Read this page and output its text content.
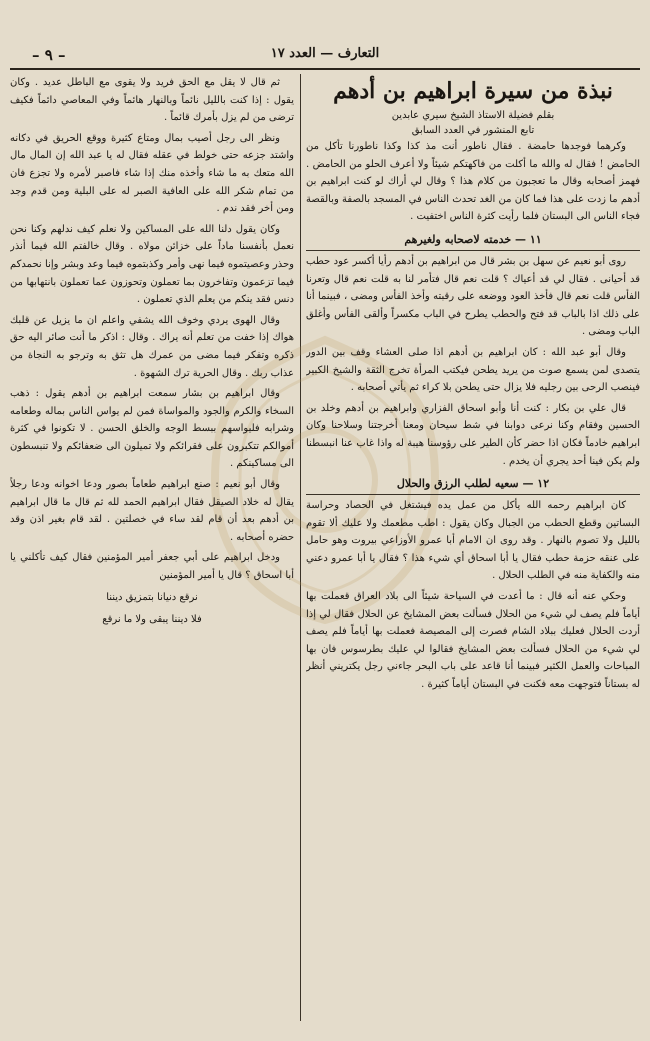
– ٩ –	التعارف — العدد ١٧
نبذة من سيرة ابراهيم بن أدهم
بقلم فضيلة الاستاذ الشيخ سيري عابدين
تابع المنشور في العدد السابق

وكرهما فوجدها حامضة . فقال ناطور أنت مذ كذا وكذا ناطورنا تأكل من الحامض ! فقال له والله ما أكلت من فاكهتكم شيئاً ولا أعرف الحلو من الحامض . فهمز أصحابه وقال ما تعجبون من كلام هذا ؟ وقال لي أراك لو كنت ابراهيم بن أدهم ما زدت على هذا فما كان من الغد تحدث الناس في المسجد بالصفة وبالقصة فجاء الناس الى البستان فلما رأيت كثرة الناس اختفيت .

١١ — خدمته لاصحابه ولغيرهم

روى أبو نعيم عن سهل بن بشر قال من ابراهيم بن أدهم رأيا أكسر عود حطب قد أحيانى . فقال لي قد أعياك ؟ قلت نعم قال فتأمر لنا به قلت نعم قال وتعرنا الفأس قلت نعم قال فأخذ العود ووضعه على رقبته وأخذ الفأس ومضى ، فبينما أنا على ذلك اذا بالباب قد فتح والحطب يطرح في الباب مكسراً وألقى الفأس وأغلق الباب ومضى .

وقال أبو عبد الله : كان ابراهيم بن أدهم اذا صلى العشاء وقف بين الدور يتصدى لمن يسمع صوت من يريد يطحن فيكتب المرأة تخرج الثقة والشيخ الكبير فينصب الرحى بين رجليه فلا يزال حتى يطحن بلا كراء ثم يأتي أصحابه .

قال علي بن بكار : كنت أنا وأبو اسحاق الفزاري وابراهيم بن أدهم وخلد بن الحسين وفقام وكنا نرعى دوابنا في شط سيحان ومعنا أخرجتنا وسلاحنا وكان ابراهيم خادماً فكان اذا حضر كأن الطير على رؤوسنا هيبة له واذا غاب عنا انبسطنا ولم يكن فينا أحد يجري أن يخدم .

١٢ — سعيه لطلب الرزق والحلال

كان ابراهيم رحمه الله يأكل من عمل يده فيشتغل في الحصاد وحراسة البساتين وقطع الحطب من الجبال وكان يقول : اطب مطعمك ولا عليك ألا تقوم بالليل ولا تصوم بالنهار . وقد روى ان الامام أبا عمرو الأوزاعي بيروت وهو حامل على عنقه حزمة حطب فقال يا أبا اسحاق أي شيء هذا ؟ فقال يا أبا عمرو دعني منه والكفاية منه في الطلب الحلال .

وحكي عنه أنه قال : ما أعدت في السياحة شيئاً الى بلاد العراق قعملت بها أياماً فلم يصف لي شيء من الحلال فسألت بعض المشايخ عن الحلال فقال لي إذا أردت الحلال فعليك ببلاد الشام فصرت إلى المصيصة فعملت بها أياماً فلم يصف لي شيء من الحلال فسألت بعض المشايخ فقالوا لي عليك بطرسوس فان بها المباحات والعمل الكثير فبينما أنا قاعد على باب البحر جاءني رجل يكتريني أنظر له بستاناً فتوجهت معه فكنت في البستان أياماً كثيرة .

ثم قال لا يقل مع الحق فريد ولا يقوى مع الباطل عديد . وكان يقول : إذا كنت بالليل نائماً وبالنهار هائماً وفي المعاصي دائماً فكيف ترضى من لم يزل بأمرك قائماً .

ونظر الى رجل أصيب بمال ومتاع كثيرة ووقع الحريق في دكانه واشتد جزعه حتى خولط في عقله فقال له يا عبد الله إن المال مال الله متعك به ما شاء وأخذه منك إذا شاء فاصبر لأمره ولا تجزع فان من تمام شكر الله على العافية الصبر له على البلية ومن قدم وجد ومن أخر فقد ندم .

وكان يقول دلنا الله على المساكين ولا نعلم كيف ندلهم وكنا نحن نعمل بأنفسنا ماداً على خزائن مولاه . وقال خالفتم الله فيما أنذر وحذر وعصيتموه فيما نهى وأمر وكذبتموه فيما وعد وبشر وإنا نحمدكم فيما تزعمون وتفاخرون بما تعملون وتحوزون عما تعملون بانتهابها من دنس فقد ينكم من يعلم الذي تعملون .

وقال الهوى يردي وخوف الله يشفي واعلم ان ما يزيل عن قلبك هواك إذا خفت من تعلم أنه يراك . وقال : اذكر ما أنت صائر اليه حق ذكره وتفكر فيما مضى من عمرك هل تثق به وترجو به النجاة من عذاب ربك . وقال الحرية ترك الشهوة .

وقال ابراهيم بن بشار سمعت ابراهيم بن أدهم يقول : ذهب السخاء والكرم والجود والمواساة فمن لم يواس الناس بماله وطعامه وشرابه فليواسهم ببسط الوجه والخلق الحسن . لا تكونوا في كثرة أموالكم تتكبرون على فقرائكم ولا تميلون الى ضعفائكم ولا تنبسطون الى مساكينكم .

وقال أبو نعيم : صنع ابراهيم طعاماً بصور ودعا اخوانه ودعا رجلاً يقال له خلاد الصيقل فقال ابراهيم الحمد لله ثم قال ما قال ابراهيم بن أدهم بعد أن قام لقد ساء في خصلتين . لقد قام بغير اذن وقد حضره أصحابه .

ودخل ابراهيم على أبي جعفر أمير المؤمنين فقال كيف تأكلني يا أبا اسحاق ؟ قال يا أمير المؤمنين

نرقع دنيانا بتمزيق ديننا
فلا ديننا يبقى ولا ما نرقع
